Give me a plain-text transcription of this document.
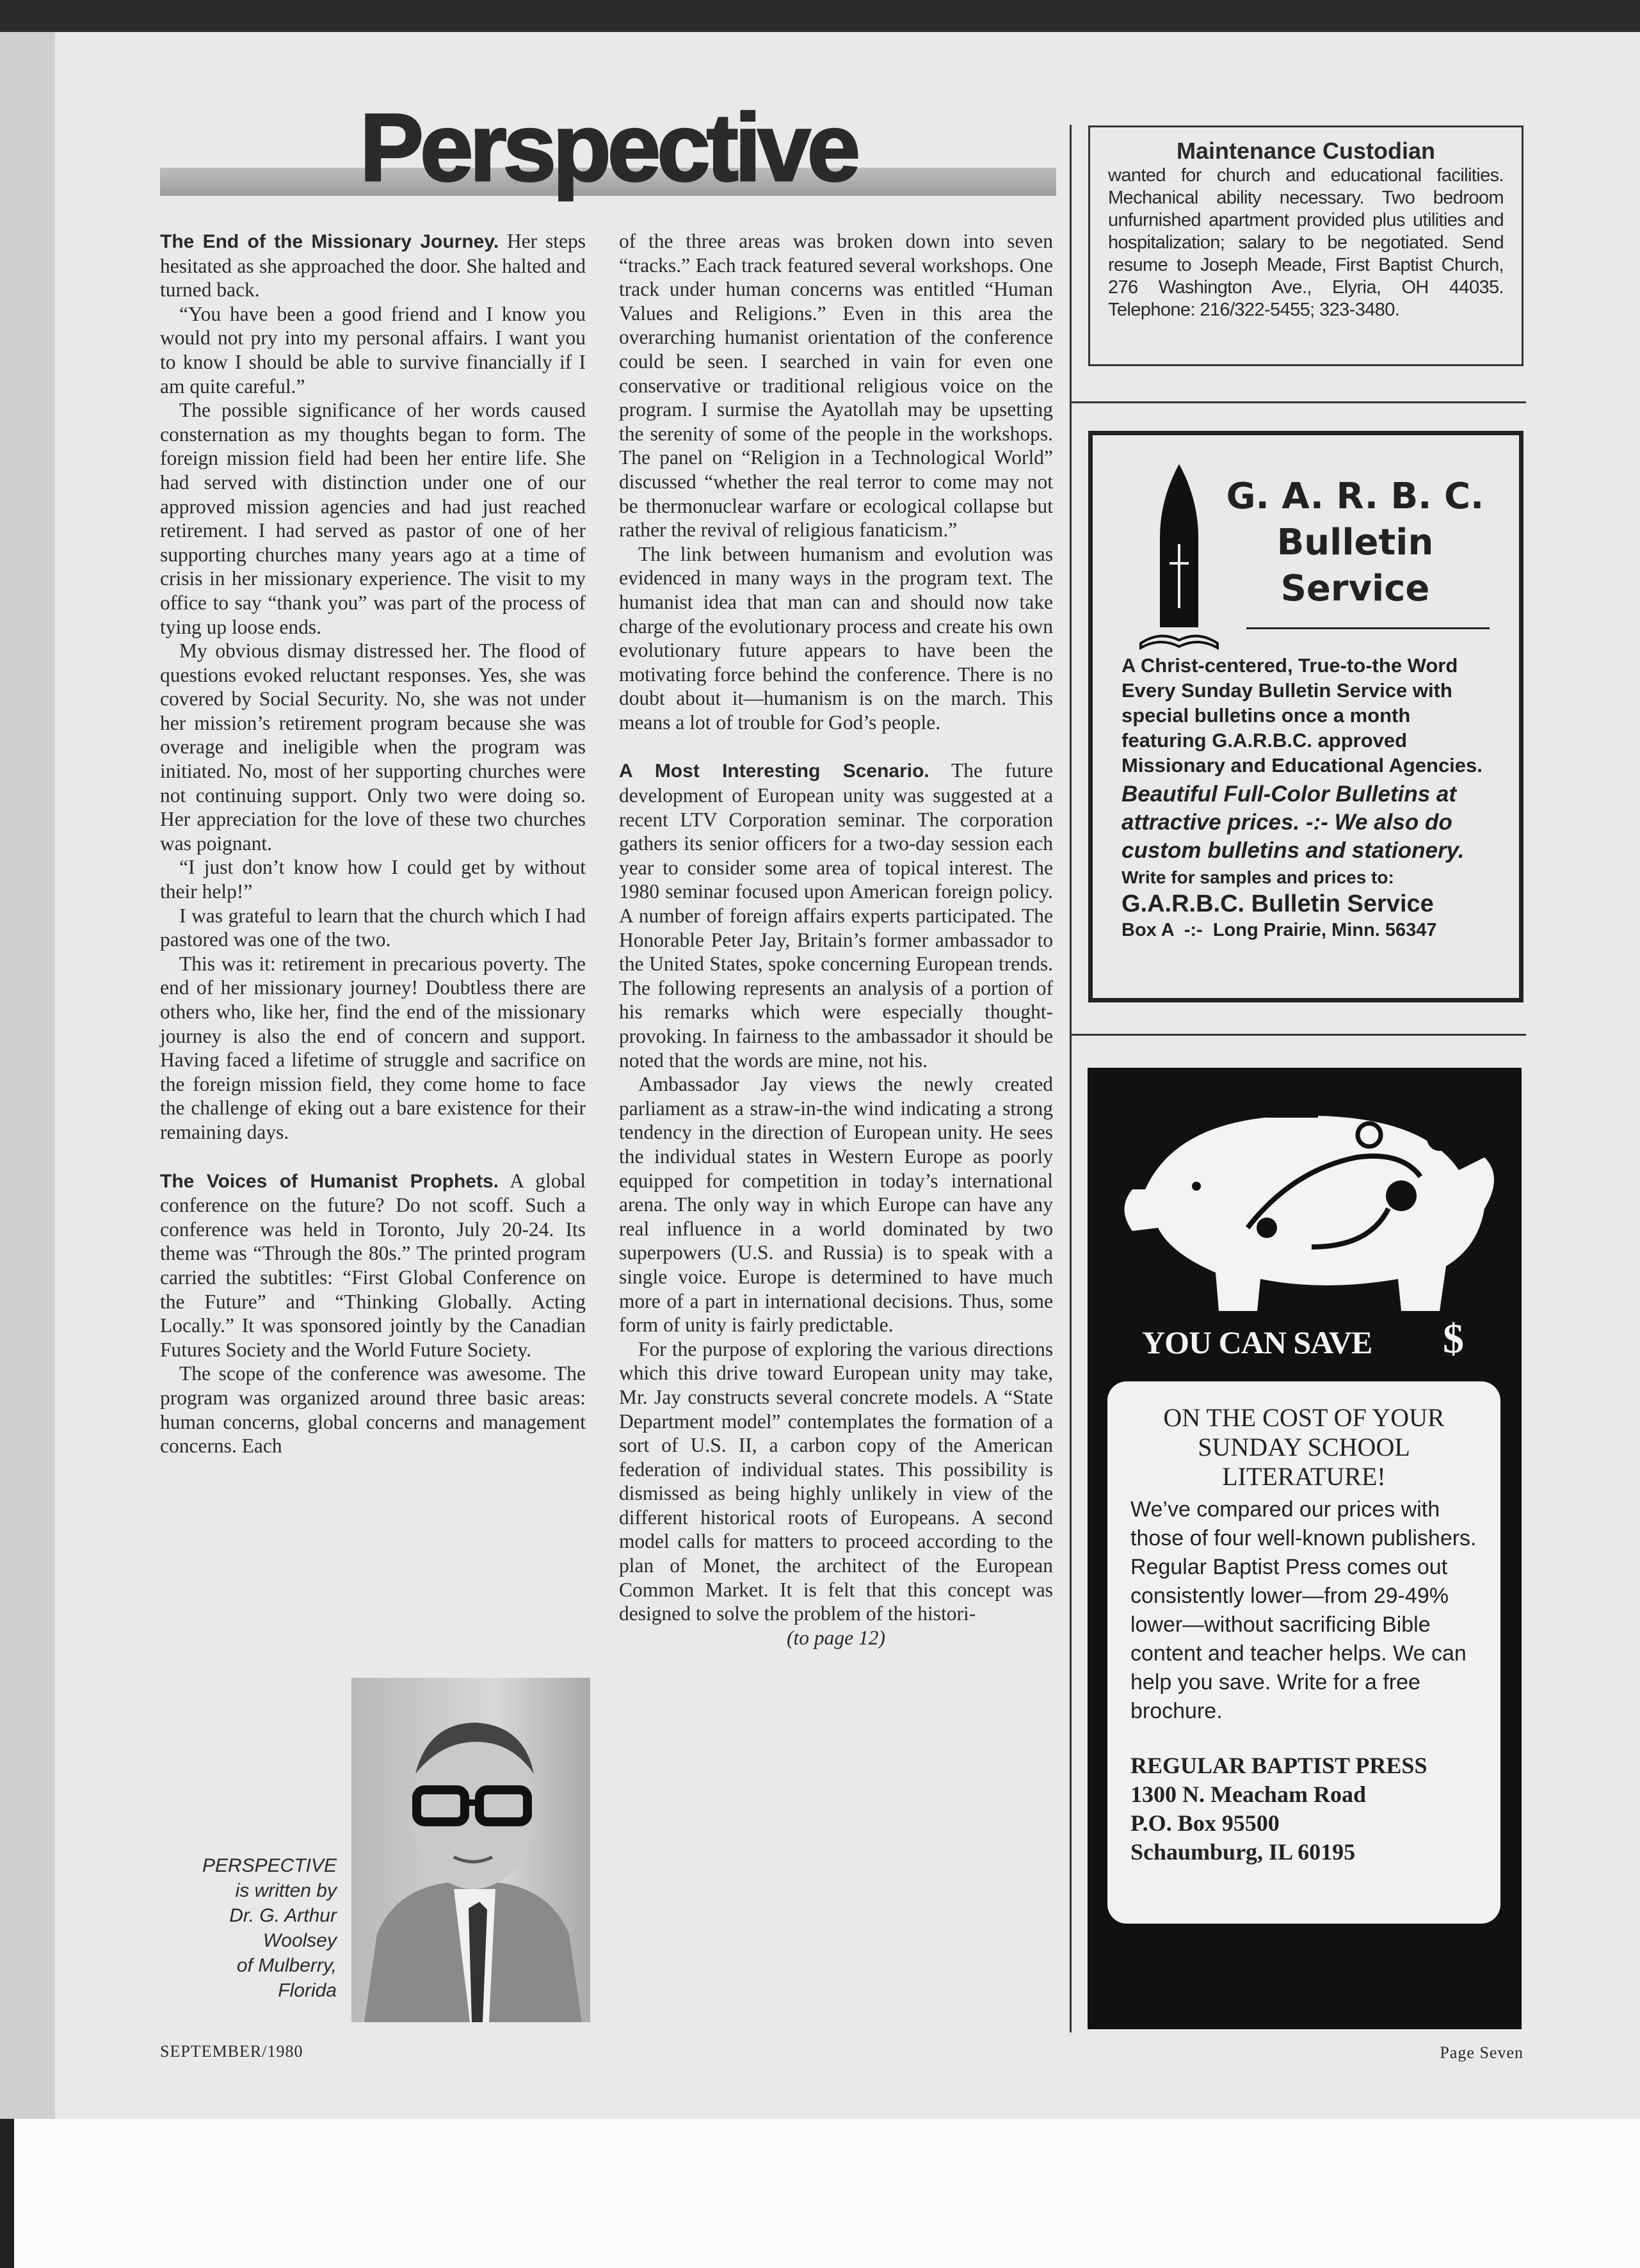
Perspective

The End of the Missionary Journey. Her steps hesitated as she approached the door. She halted and turned back.

“You have been a good friend and I know you would not pry into my personal affairs. I want you to know I should be able to survive financially if I am quite careful.”

The possible significance of her words caused consternation as my thoughts began to form. The foreign mission field had been her entire life. She had served with distinction under one of our approved mission agencies and had just reached retirement. I had served as pastor of one of her supporting churches many years ago at a time of crisis in her missionary experience. The visit to my office to say “thank you” was part of the process of tying up loose ends.

My obvious dismay distressed her. The flood of questions evoked reluctant responses. Yes, she was covered by Social Security. No, she was not under her mission’s retirement program because she was overage and ineligible when the program was initiated. No, most of her supporting churches were not continuing support. Only two were doing so. Her appreciation for the love of these two churches was poignant.

“I just don’t know how I could get by without their help!”

I was grateful to learn that the church which I had pastored was one of the two.

This was it: retirement in precarious poverty. The end of her missionary journey! Doubtless there are others who, like her, find the end of the missionary journey is also the end of concern and support. Having faced a lifetime of struggle and sacrifice on the foreign mission field, they come home to face the challenge of eking out a bare existence for their remaining days.

The Voices of Humanist Prophets. A global conference on the future? Do not scoff. Such a conference was held in Toronto, July 20-24. Its theme was “Through the 80s.” The printed program carried the subtitles: “First Global Conference on the Future” and “Thinking Globally. Acting Locally.” It was sponsored jointly by the Canadian Futures Society and the World Future Society.

The scope of the conference was awesome. The program was organized around three basic areas: human concerns, global concerns and management concerns. Each

PERSPECTIVE
is written by
Dr. G. Arthur
Woolsey
of Mulberry,
Florida

of the three areas was broken down into seven “tracks.” Each track featured several workshops. One track under human concerns was entitled “Human Values and Religions.” Even in this area the overarching humanist orientation of the conference could be seen. I searched in vain for even one conservative or traditional religious voice on the program. I surmise the Ayatollah may be upsetting the serenity of some of the people in the workshops. The panel on “Religion in a Technological World” discussed “whether the real terror to come may not be thermonuclear warfare or ecological collapse but rather the revival of religious fanaticism.”

The link between humanism and evolution was evidenced in many ways in the program text. The humanist idea that man can and should now take charge of the evolutionary process and create his own evolutionary future appears to have been the motivating force behind the conference. There is no doubt about it—humanism is on the march. This means a lot of trouble for God’s people.

A Most Interesting Scenario. The future development of European unity was suggested at a recent LTV Corporation seminar. The corporation gathers its senior officers for a two-day session each year to consider some area of topical interest. The 1980 seminar focused upon American foreign policy. A number of foreign affairs experts participated. The Honorable Peter Jay, Britain’s former ambassador to the United States, spoke concerning European trends. The following represents an analysis of a portion of his remarks which were especially thought-provoking. In fairness to the ambassador it should be noted that the words are mine, not his.

Ambassador Jay views the newly created parliament as a straw-in-the wind indicating a strong tendency in the direction of European unity. He sees the individual states in Western Europe as poorly equipped for competition in today’s international arena. The only way in which Europe can have any real influence in a world dominated by two superpowers (U.S. and Russia) is to speak with a single voice. Europe is determined to have much more of a part in international decisions. Thus, some form of unity is fairly predictable.

For the purpose of exploring the various directions which this drive toward European unity may take, Mr. Jay constructs several concrete models. A “State Department model” contemplates the formation of a sort of U.S. II, a carbon copy of the American federation of individual states. This possibility is dismissed as being highly unlikely in view of the different historical roots of Europeans. A second model calls for matters to proceed according to the plan of Monet, the architect of the European Common Market. It is felt that this concept was designed to solve the problem of the histori-

(to page 12)
Maintenance Custodian
wanted for church and educational facilities. Mechanical ability necessary. Two bedroom unfurnished apartment provided plus utilities and hospitalization; salary to be negotiated. Send resume to Joseph Meade, First Baptist Church, 276 Washington Ave., Elyria, OH 44035. Telephone: 216/322-5455; 323-3480.
G. A. R. B. C.
Bulletin
Service
A Christ-centered, True-to-the Word Every Sunday Bulletin Service with special bulletins once a month featuring G.A.R.B.C. approved Missionary and Educational Agencies.
Beautiful Full-Color Bulletins at attractive prices. -:- We also do custom bulletins and stationery.
Write for samples and prices to:
G.A.R.B.C. Bulletin Service
Box A  -:-  Long Prairie, Minn. 56347
YOU CAN SAVE $
ON THE COST OF YOUR SUNDAY SCHOOL LITERATURE!
We’ve compared our prices with those of four well-known publishers. Regular Baptist Press comes out consistently lower—from 29-49% lower—without sacrificing Bible content and teacher helps. We can help you save. Write for a free brochure.
REGULAR BAPTIST PRESS
1300 N. Meacham Road
P.O. Box 95500
Schaumburg, IL 60195
SEPTEMBER/1980	Page Seven
